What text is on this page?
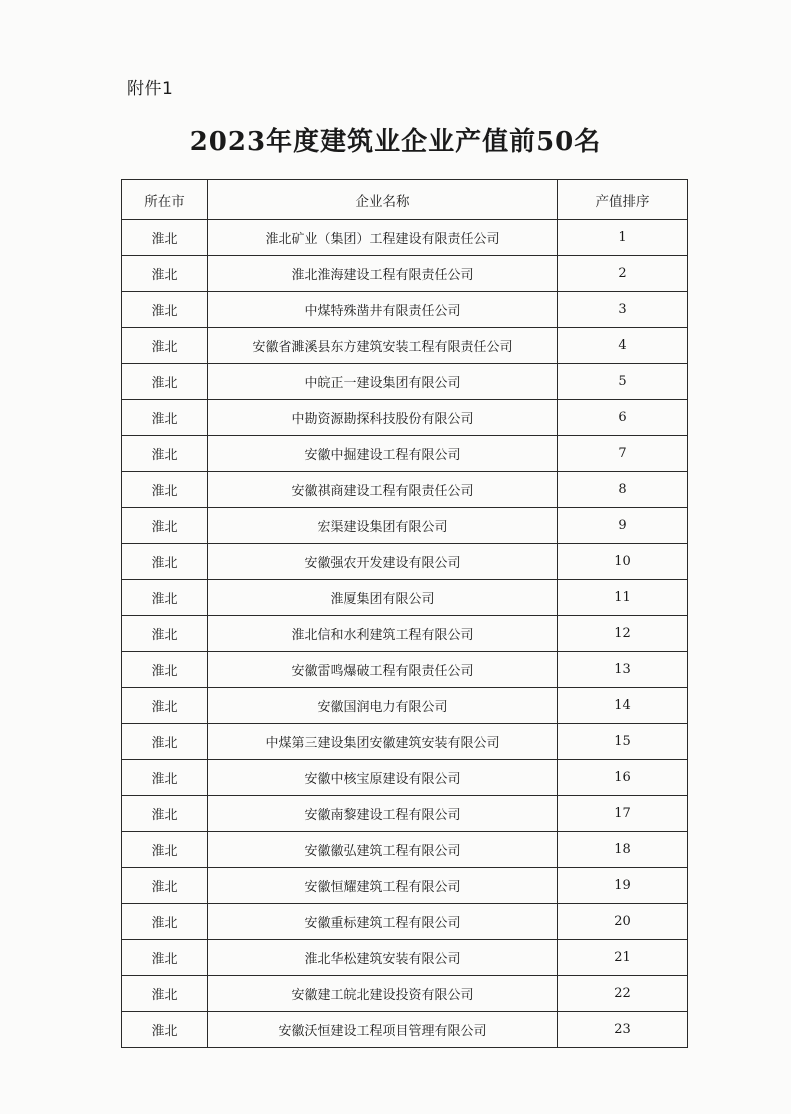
附件1
2023年度建筑业企业产值前50名
所在市	企业名称	产值排序
淮北	淮北矿业（集团）工程建设有限责任公司	1
淮北	淮北淮海建设工程有限责任公司	2
淮北	中煤特殊凿井有限责任公司	3
淮北	安徽省濉溪县东方建筑安装工程有限责任公司	4
淮北	中皖正一建设集团有限公司	5
淮北	中勘资源勘探科技股份有限公司	6
淮北	安徽中掘建设工程有限公司	7
淮北	安徽祺商建设工程有限责任公司	8
淮北	宏渠建设集团有限公司	9
淮北	安徽强农开发建设有限公司	10
淮北	淮厦集团有限公司	11
淮北	淮北信和水利建筑工程有限公司	12
淮北	安徽雷鸣爆破工程有限责任公司	13
淮北	安徽国润电力有限公司	14
淮北	中煤第三建设集团安徽建筑安装有限公司	15
淮北	安徽中核宝原建设有限公司	16
淮北	安徽南黎建设工程有限公司	17
淮北	安徽徽弘建筑工程有限公司	18
淮北	安徽恒耀建筑工程有限公司	19
淮北	安徽重标建筑工程有限公司	20
淮北	淮北华松建筑安装有限公司	21
淮北	安徽建工皖北建设投资有限公司	22
淮北	安徽沃恒建设工程项目管理有限公司	23
